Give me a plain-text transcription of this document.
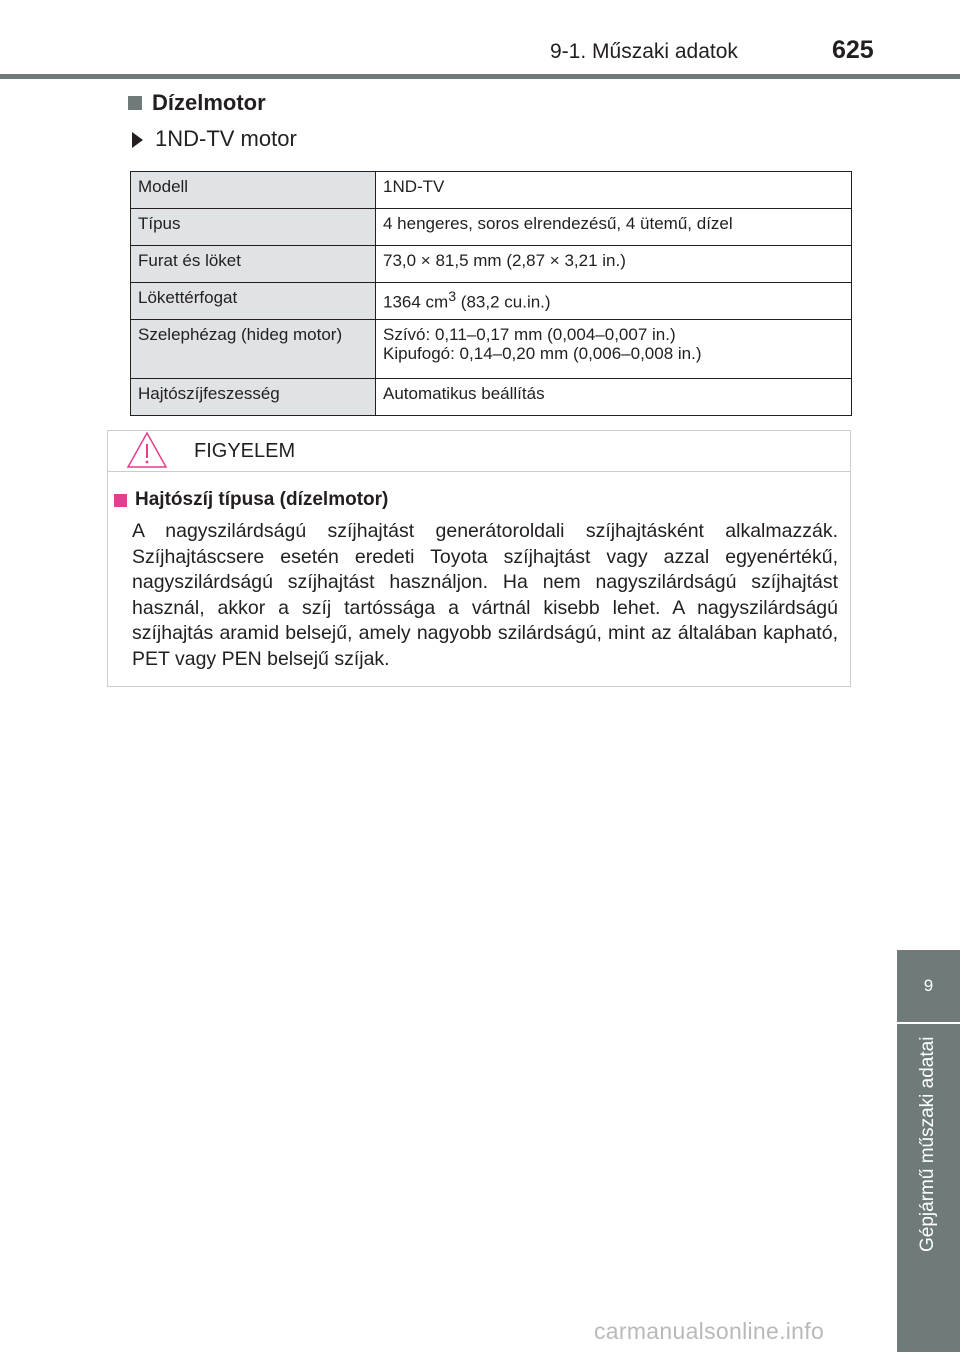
9-1. Műszaki adatok	625
Dízelmotor
1ND-TV motor
Modell	1ND-TV
Típus	4 hengeres, soros elrendezésű, 4 ütemű, dízel
Furat és löket	73,0 × 81,5 mm (2,87 × 3,21 in.)
Lökettérfogat	1364 $cm^3$ (83,2 cu.in.)
Szelephézag (hideg motor)	Szívó: 0,11–0,17 mm (0,004–0,007 in.)
Kipufogó: 0,14–0,20 mm (0,006–0,008 in.)

Hajtószíjfeszesség	Automatikus beállítás
FIGYELEM
Hajtószíj típusa (dízelmotor)
A nagyszilárdságú szíjhajtást generátoroldali szíjhajtásként alkalmazzák. Szíjhajtáscsere esetén eredeti Toyota szíjhajtást vagy azzal egyenértékű, nagyszilárdságú szíjhajtást használjon. Ha nem nagyszilárdságú szíjhajtást használ, akkor a szíj tartóssága a vártnál kisebb lehet. A nagyszilárdságú szíjhajtás aramid belsejű, amely nagyobb szilárdságú, mint az általában kapható, PET vagy PEN belsejű szíjak.
9
Gépjármű műszaki adatai
carmanualsonline.info
